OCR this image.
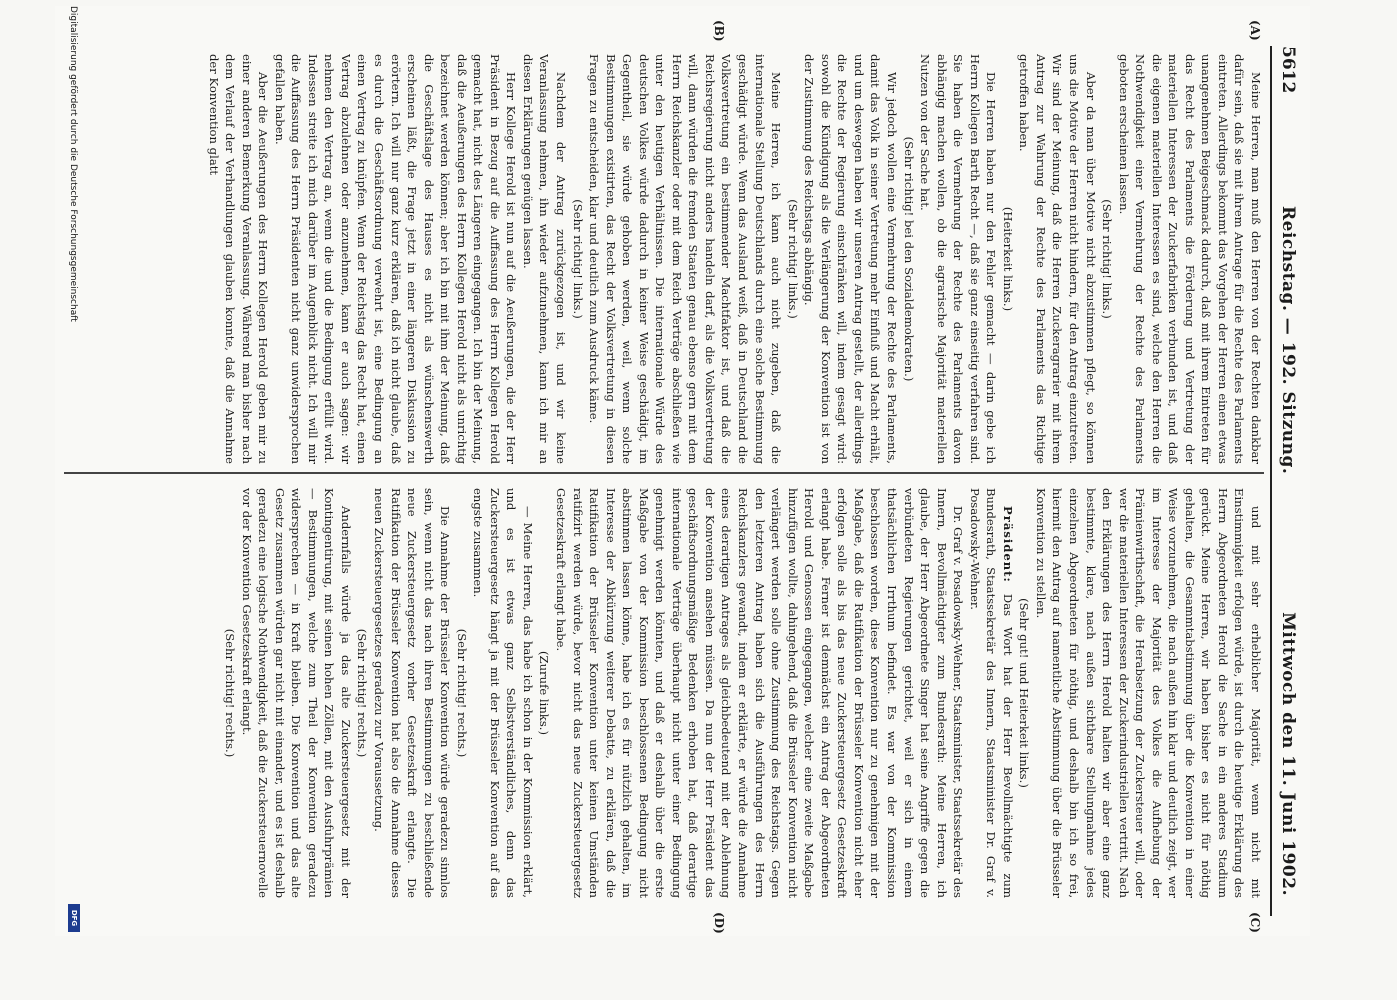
5612
Reichstag. — 192. Sitzung.
Mittwoch den 11. Juni 1902.
(A)
(B)
(C)
(D)

Meine Herren, man muß den Herren von der Rechten dankbar dafür sein, daß sie mit ihrem Antrage für die Rechte des Parlaments eintreten. Allerdings bekommt das Vorgehen der Herren einen etwas unangenehmen Beigeschmack dadurch, daß mit ihrem Eintreten für das Recht des Parlaments die Förderung und Vertretung der materiellen Interessen der Zuckerfabriken verbunden ist, und daß die eigenen materiellen Interessen es sind, welche den Herren die Nothwendigkeit einer Vermehrung der Rechte des Parlaments geboten erscheinen lassen.

(Sehr richtig! links.)

Aber da man über Motive nicht abzustimmen pflegt, so können uns die Motive der Herren nicht hindern, für den Antrag einzutreten. Wir sind der Meinung, daß die Herren Zuckeragrarier mit ihrem Antrag zur Wahrung der Rechte des Parlaments das Richtige getroffen haben.

(Heiterkeit links.)

Die Herren haben nur den Fehler gemacht — darin gebe ich Herrn Kollegen Barth Recht —, daß sie ganz einseitig verfahren sind. Sie haben die Vermehrung der Rechte des Parlaments davon abhängig machen wollen, ob die agrarische Majorität materiellen Nutzen von der Sache hat.

(Sehr richtig! bei den Sozialdemokraten.)

Wir jedoch wollen eine Vermehrung der Rechte des Parlaments, damit das Volk in seiner Vertretung mehr Einfluß und Macht erhält, und um deswegen haben wir unseren Antrag gestellt, der allerdings die Rechte der Regierung einschränken will, indem gesagt wird: sowohl die Kündigung als die Verlängerung der Konvention ist von der Zustimmung des Reichstags abhängig.

(Sehr richtig! links.)

Meine Herren, ich kann auch nicht zugeben, daß die internationale Stellung Deutschlands durch eine solche Bestimmung geschädigt würde. Wenn das Ausland weiß, daß in Deutschland die Volksvertretung ein bestimmender Machtfaktor ist, und daß die Reichsregierung nicht anders handeln darf, als die Volksvertretung will, dann würden die fremden Staaten genau ebenso gern mit dem Herrn Reichskanzler oder mit dem Reich Verträge abschließen wie unter den heutigen Verhältnissen. Die internationale Würde des deutschen Volkes würde dadurch in keiner Weise geschädigt, im Gegentheil, sie würde gehoben werden, weil, wenn solche Bestimmungen existirten, das Recht der Volksvertretung in diesen Fragen zu entscheiden, klar und deutlich zum Ausdruck käme.

(Sehr richtig! links.)

Nachdem der Antrag zurückgezogen ist, und wir keine Veranlassung nehmen, ihn wieder aufzunehmen, kann ich mir an diesen Erklärungen genügen lassen.

Herr Kollege Herold ist nun auf die Aeußerungen, die der Herr Präsident in Bezug auf die Auffassung des Herrn Kollegen Herold gemacht hat, nicht des Längeren eingegangen. Ich bin der Meinung, daß die Aeußerungen des Herrn Kollegen Herold nicht als unrichtig bezeichnet werden können; aber ich bin mit ihm der Meinung, daß die Geschäftslage des Hauses es nicht als wünschenswerth erscheinen läßt, die Frage jetzt in einer längeren Diskussion zu erörtern. Ich will nur ganz kurz erklären, daß ich nicht glaube, daß es durch die Geschäftsordnung verwehrt ist, eine Bedingung an einen Vertrag zu knüpfen. Wenn der Reichstag das Recht hat, einen Vertrag abzulehnen oder anzunehmen, kann er auch sagen: wir nehmen den Vertrag an, wenn die und die Bedingung erfüllt wird. Indessen streite ich mich darüber im Augenblick nicht. Ich will mir die Auffassung des Herrn Präsidenten nicht ganz unwidersprochen gefallen haben.

Aber die Aeußerungen des Herrn Kollegen Herold geben mir zu einer anderen Bemerkung Veranlassung. Während man bisher nach dem Verlauf der Verhandlungen glauben konnte, daß die Annahme der Konvention glatt

und mit sehr erheblicher Majorität, wenn nicht mit Einstimmigkeit erfolgen würde, ist durch die heutige Erklärung des Herrn Abgeordneten Herold die Sache in ein anderes Stadium gerückt. Meine Herren, wir haben bisher es nicht für nöthig gehalten, die Gesammtabstimmung über die Konvention in einer Weise vorzunehmen, die nach außen hin klar und deutlich zeigt, wer im Interesse der Majorität des Volkes die Aufhebung der Prämienwirthschaft, die Herabsetzung der Zuckersteuer will, oder wer die materiellen Interessen der Zuckerindustriellen vertritt. Nach den Erklärungen des Herrn Herold halten wir aber eine ganz bestimmte, klare, nach außen sichtbare Stellungnahme jedes einzelnen Abgeordneten für nöthig, und deshalb bin ich so frei, hiermit den Antrag auf namentliche Abstimmung über die Brüsseler Konvention zu stellen.

(Sehr gut! und Heiterkeit links.)

Präsident: Das Wort hat der Herr Bevollmächtigte zum Bundesrath, Staatssekretär des Innern, Staatsminister Dr. Graf v. Posadowsky-Wehner.

Dr. Graf v. Posadowsky-Wehner, Staatsminister, Staatssekretär des Innern, Bevollmächtigter zum Bundesrath: Meine Herren, ich glaube, der Herr Abgeordnete Singer hat seine Angriffe gegen die verbündeten Regierungen gerichtet, weil er sich in einem thatsächlichen Irrthum befindet. Es war von der Kommission beschlossen worden, diese Konvention nur zu genehmigen mit der Maßgabe, daß die Ratifikation der Brüsseler Konvention nicht eher erfolgen solle als bis das neue Zuckersteuergesetz Gesetzeskraft erlangt habe. Ferner ist demnächst ein Antrag der Abgeordneten Herold und Genossen eingegangen, welcher eine zweite Maßgabe hinzufügen wollte, dahingehend, daß die Brüsseler Konvention nicht verlängert werden solle ohne Zustimmung des Reichstags. Gegen den letzteren Antrag haben sich die Ausführungen des Herrn Reichskanzlers gewandt, indem er erklärte, er würde die Annahme eines derartigen Antrages als gleichbedeutend mit der Ablehnung der Konvention ansehen müssen. Da nun der Herr Präsident das geschäftsordnungsmäßige Bedenken erhoben hat, daß derartige internationale Verträge überhaupt nicht unter einer Bedingung genehmigt werden könnten, und daß er deshalb über die erste Maßgabe von der Kommission beschlossenen Bedingung nicht abstimmen lassen könne, habe ich es für nützlich gehalten, im Interesse der Abkürzung weiterer Debatte, zu erklären, daß die Ratifikation der Brüsseler Konvention unter keinen Umständen ratifizirt werden würde, bevor nicht das neue Zuckersteuergesetz Gesetzeskraft erlangt habe.

(Zurufe links.)

— Meine Herren, das habe ich schon in der Kommission erklärt, und es ist etwas ganz Selbstverständliches, denn das Zuckersteuergesetz hängt ja mit der Brüsseler Konvention auf das engste zusammen.

(Sehr richtig! rechts.)

Die Annahme der Brüsseler Konvention würde geradezu sinnlos sein, wenn nicht das nach ihren Bestimmungen zu beschließende neue Zuckersteuergesetz vorher Gesetzeskraft erlangte. Die Ratifikation der Brüsseler Konvention hat also die Annahme dieses neuen Zuckersteuergesetzes geradezu zur Voraussetzung.

(Sehr richtig! rechts.)

Andernfalls würde ja das alte Zuckersteuergesetz mit der Kontingentirung, mit seinen hohen Zöllen, mit den Ausfuhrprämien — Bestimmungen, welche zum Theil der Konvention geradezu widersprechen — in Kraft bleiben. Die Konvention und das alte Gesetz zusammen würden gar nicht mit einander, und es ist deshalb geradezu eine logische Nothwendigkeit, daß die Zuckersteuernovelle vor der Konvention Gesetzeskraft erlangt.

(Sehr richtig! rechts.)

Digitalisierung gefördert durch die Deutsche Forschungsgemeinschaft
DFG
